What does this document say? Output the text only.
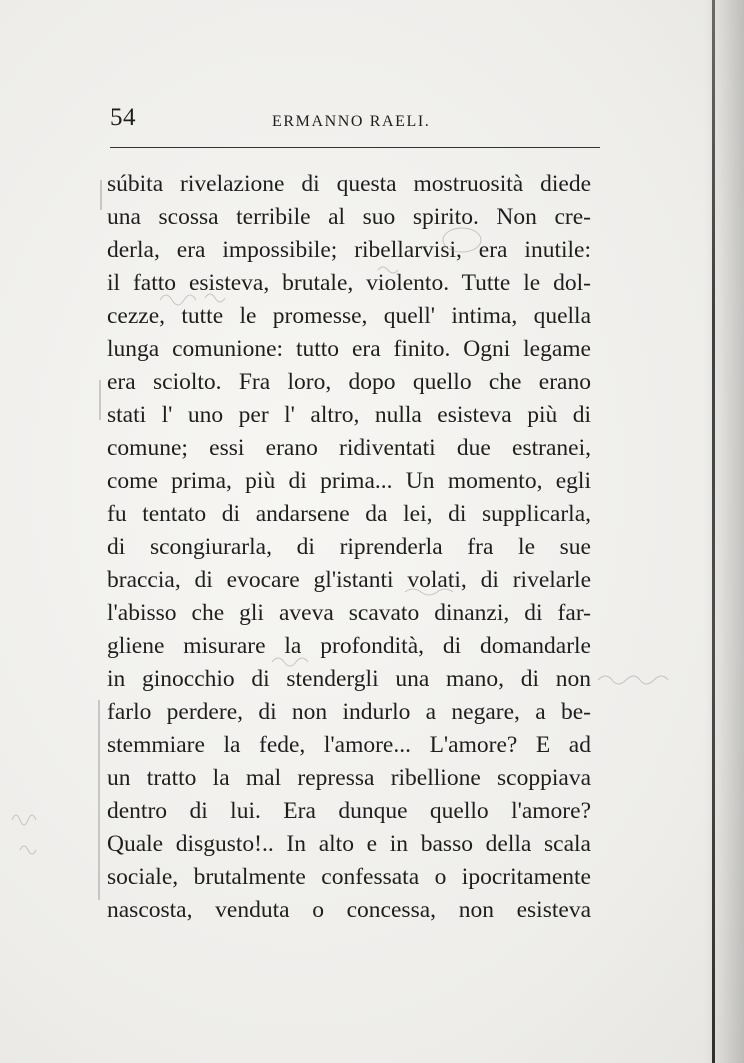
54	ERMANNO RAELI.
súbita rivelazione di questa mostruosità diede
una scossa terribile al suo spirito. Non cre-
derla, era impossibile; ribellarvisi, era inutile:
il fatto esisteva, brutale, violento. Tutte le dol-
cezze, tutte le promesse, quell' intima, quella
lunga comunione: tutto era finito. Ogni legame
era sciolto. Fra loro, dopo quello che erano
stati l' uno per l' altro, nulla esisteva più di
comune; essi erano ridiventati due estranei,
come prima, più di prima... Un momento, egli
fu tentato di andarsene da lei, di supplicarla,
di scongiurarla, di riprenderla fra le sue
braccia, di evocare gl'istanti volati, di rivelarle
l'abisso che gli aveva scavato dinanzi, di far-
gliene misurare la profondità, di domandarle
in ginocchio di stendergli una mano, di non
farlo perdere, di non indurlo a negare, a be-
stemmiare la fede, l'amore... L'amore? E ad
un tratto la mal repressa ribellione scoppiava
dentro di lui. Era dunque quello l'amore?
Quale disgusto!.. In alto e in basso della scala
sociale, brutalmente confessata o ipocritamente
nascosta, venduta o concessa, non esisteva
